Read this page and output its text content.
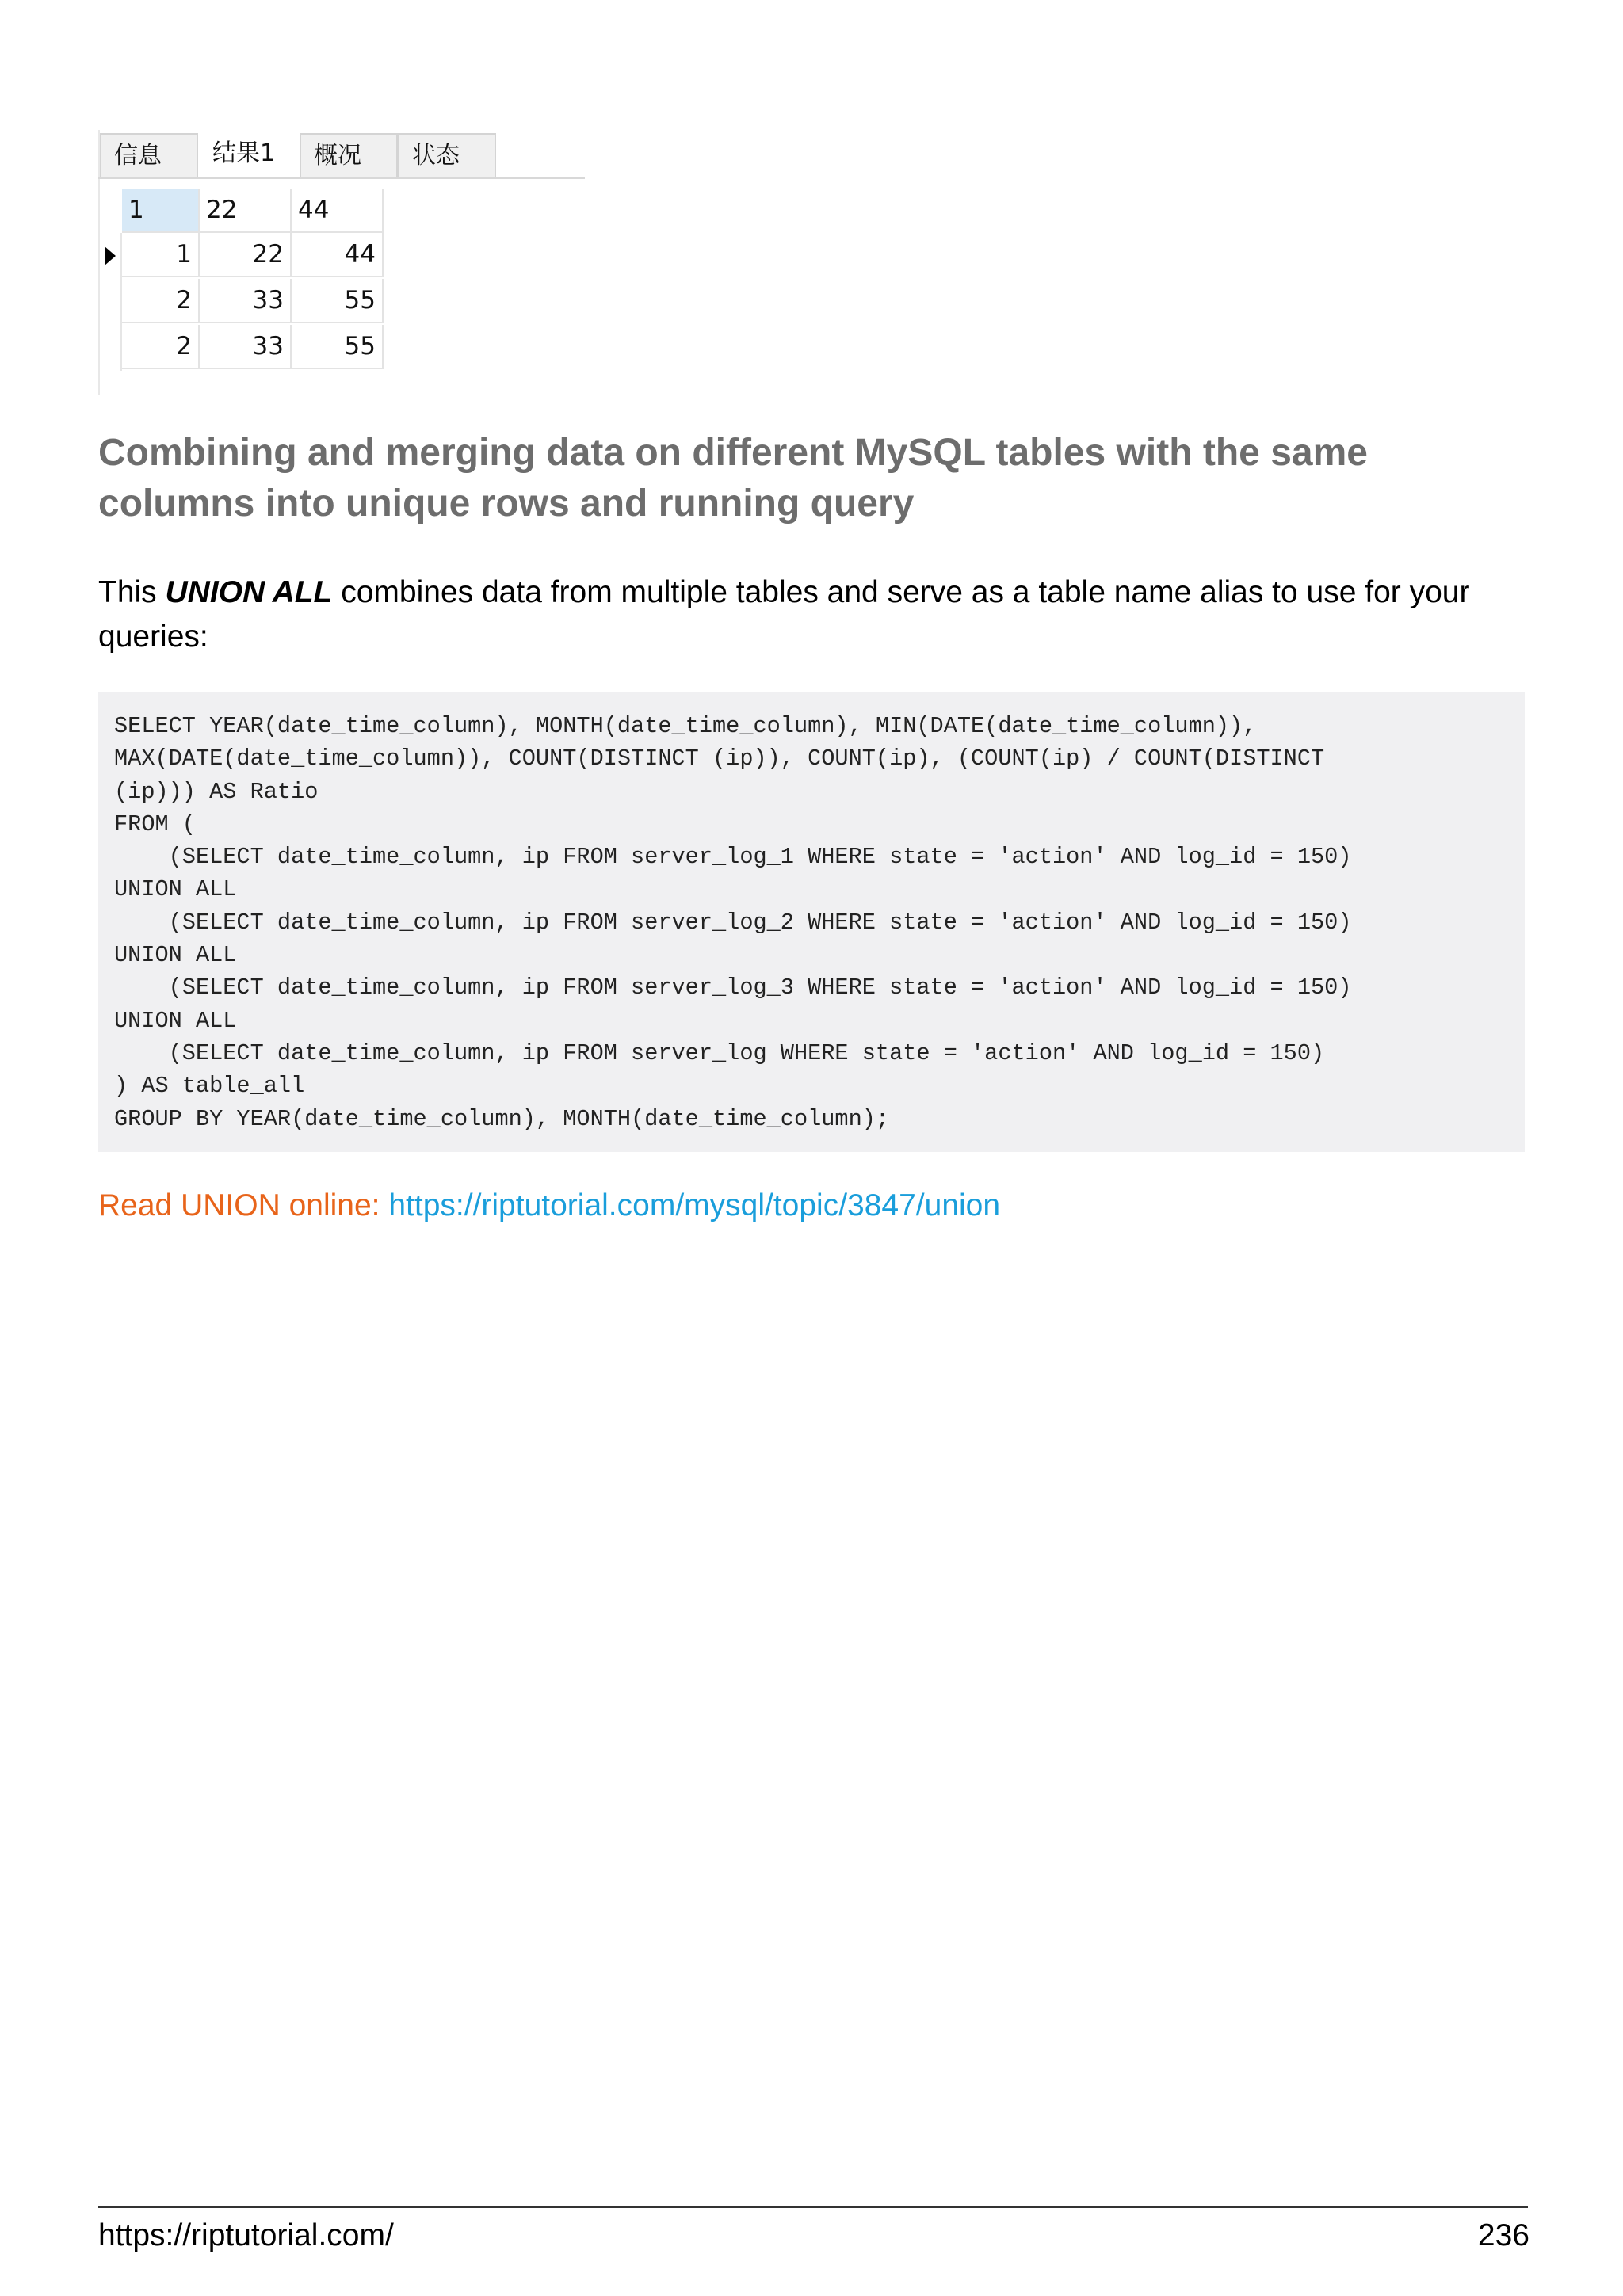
信息	结果1	概况	状态
1	22	44
1	22	44
2	33	55
2	33	55
Combining and merging data on different MySQL tables with the same columns into unique rows and running query

This UNION ALL combines data from multiple tables and serve as a table name alias to use for your queries:

SELECT YEAR(date_time_column), MONTH(date_time_column), MIN(DATE(date_time_column)),
MAX(DATE(date_time_column)), COUNT(DISTINCT (ip)), COUNT(ip), (COUNT(ip) / COUNT(DISTINCT
(ip))) AS Ratio
FROM (
(SELECT date_time_column, ip FROM server_log_1 WHERE state = 'action' AND log_id = 150)
UNION ALL
(SELECT date_time_column, ip FROM server_log_2 WHERE state = 'action' AND log_id = 150)
UNION ALL
(SELECT date_time_column, ip FROM server_log_3 WHERE state = 'action' AND log_id = 150)
UNION ALL
(SELECT date_time_column, ip FROM server_log WHERE state = 'action' AND log_id = 150)
) AS table_all
GROUP BY YEAR(date_time_column), MONTH(date_time_column);
Read UNION online: https://riptutorial.com/mysql/topic/3847/union
https://riptutorial.com/	236
